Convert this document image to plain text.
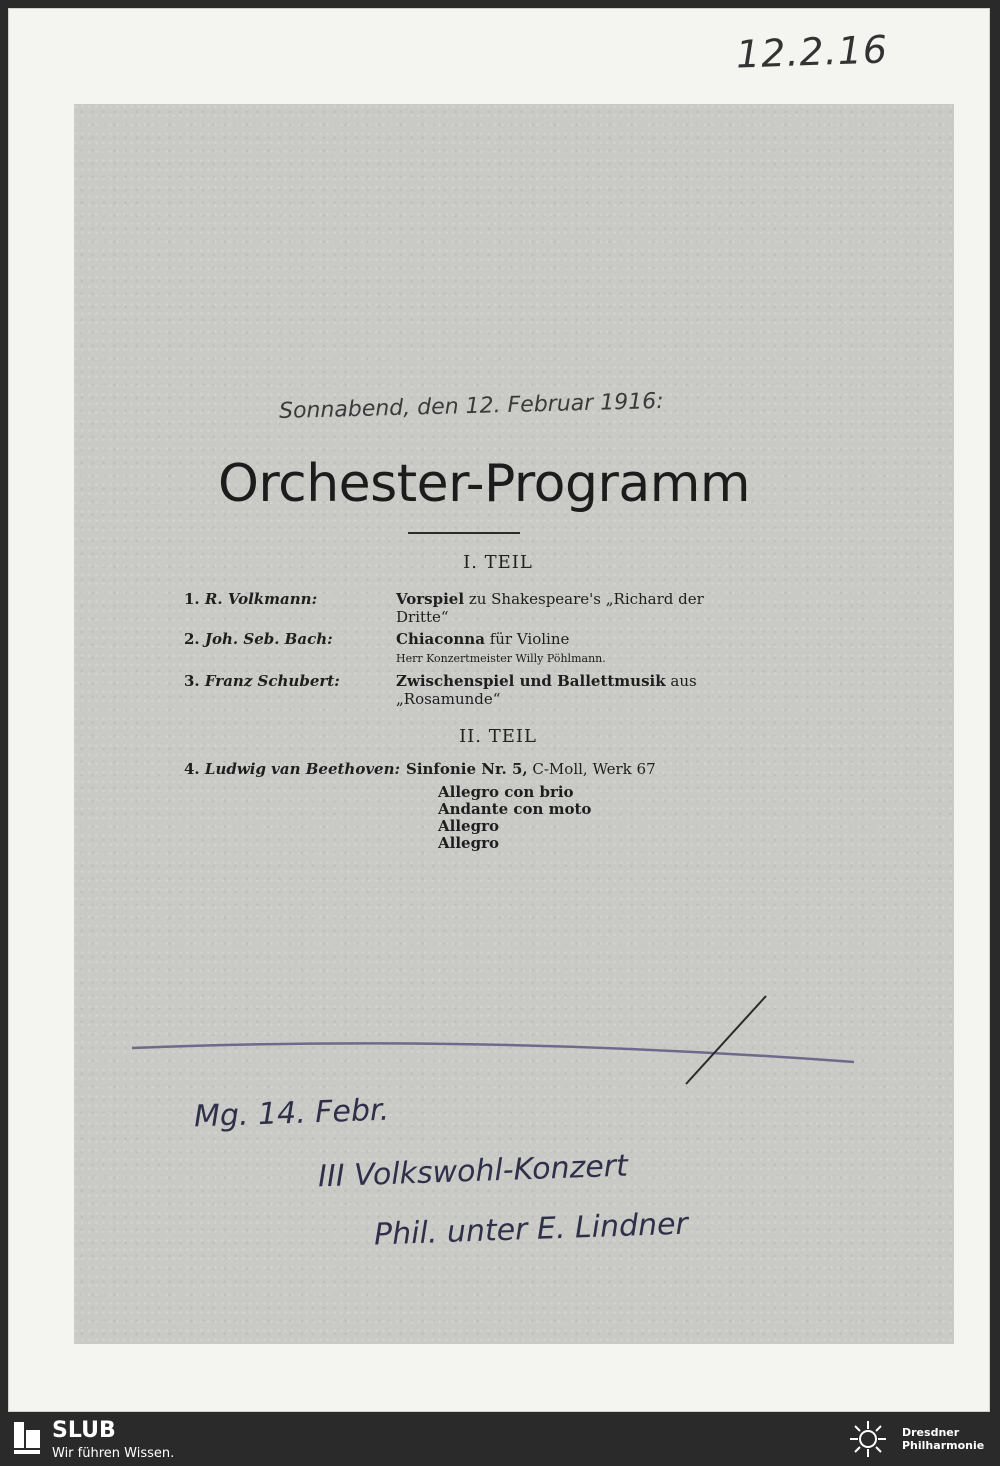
12.2.16
Sonnabend, den 12. Februar 1916:
Orchester-Programm
I. TEIL
1. R. Volkmann:	Vorspiel zu Shakespeare's „Richard der Dritte“
2. Joh. Seb. Bach:	Chiaconna für Violine
Herr Konzertmeister Willy Pöhlmann.
3. Franz Schubert:	Zwischenspiel und Ballettmusik aus „Rosamunde“
II. TEIL
4. Ludwig van Beethoven: Sinfonie Nr. 5, C-Moll, Werk 67
Allegro con brio
Andante con moto
Allegro
Allegro
Mg. 14. Febr.
III Volkswohl-Konzert
Phil. unter E. Lindner
SLUB
Wir führen Wissen.
Dresdner
Philharmonie
